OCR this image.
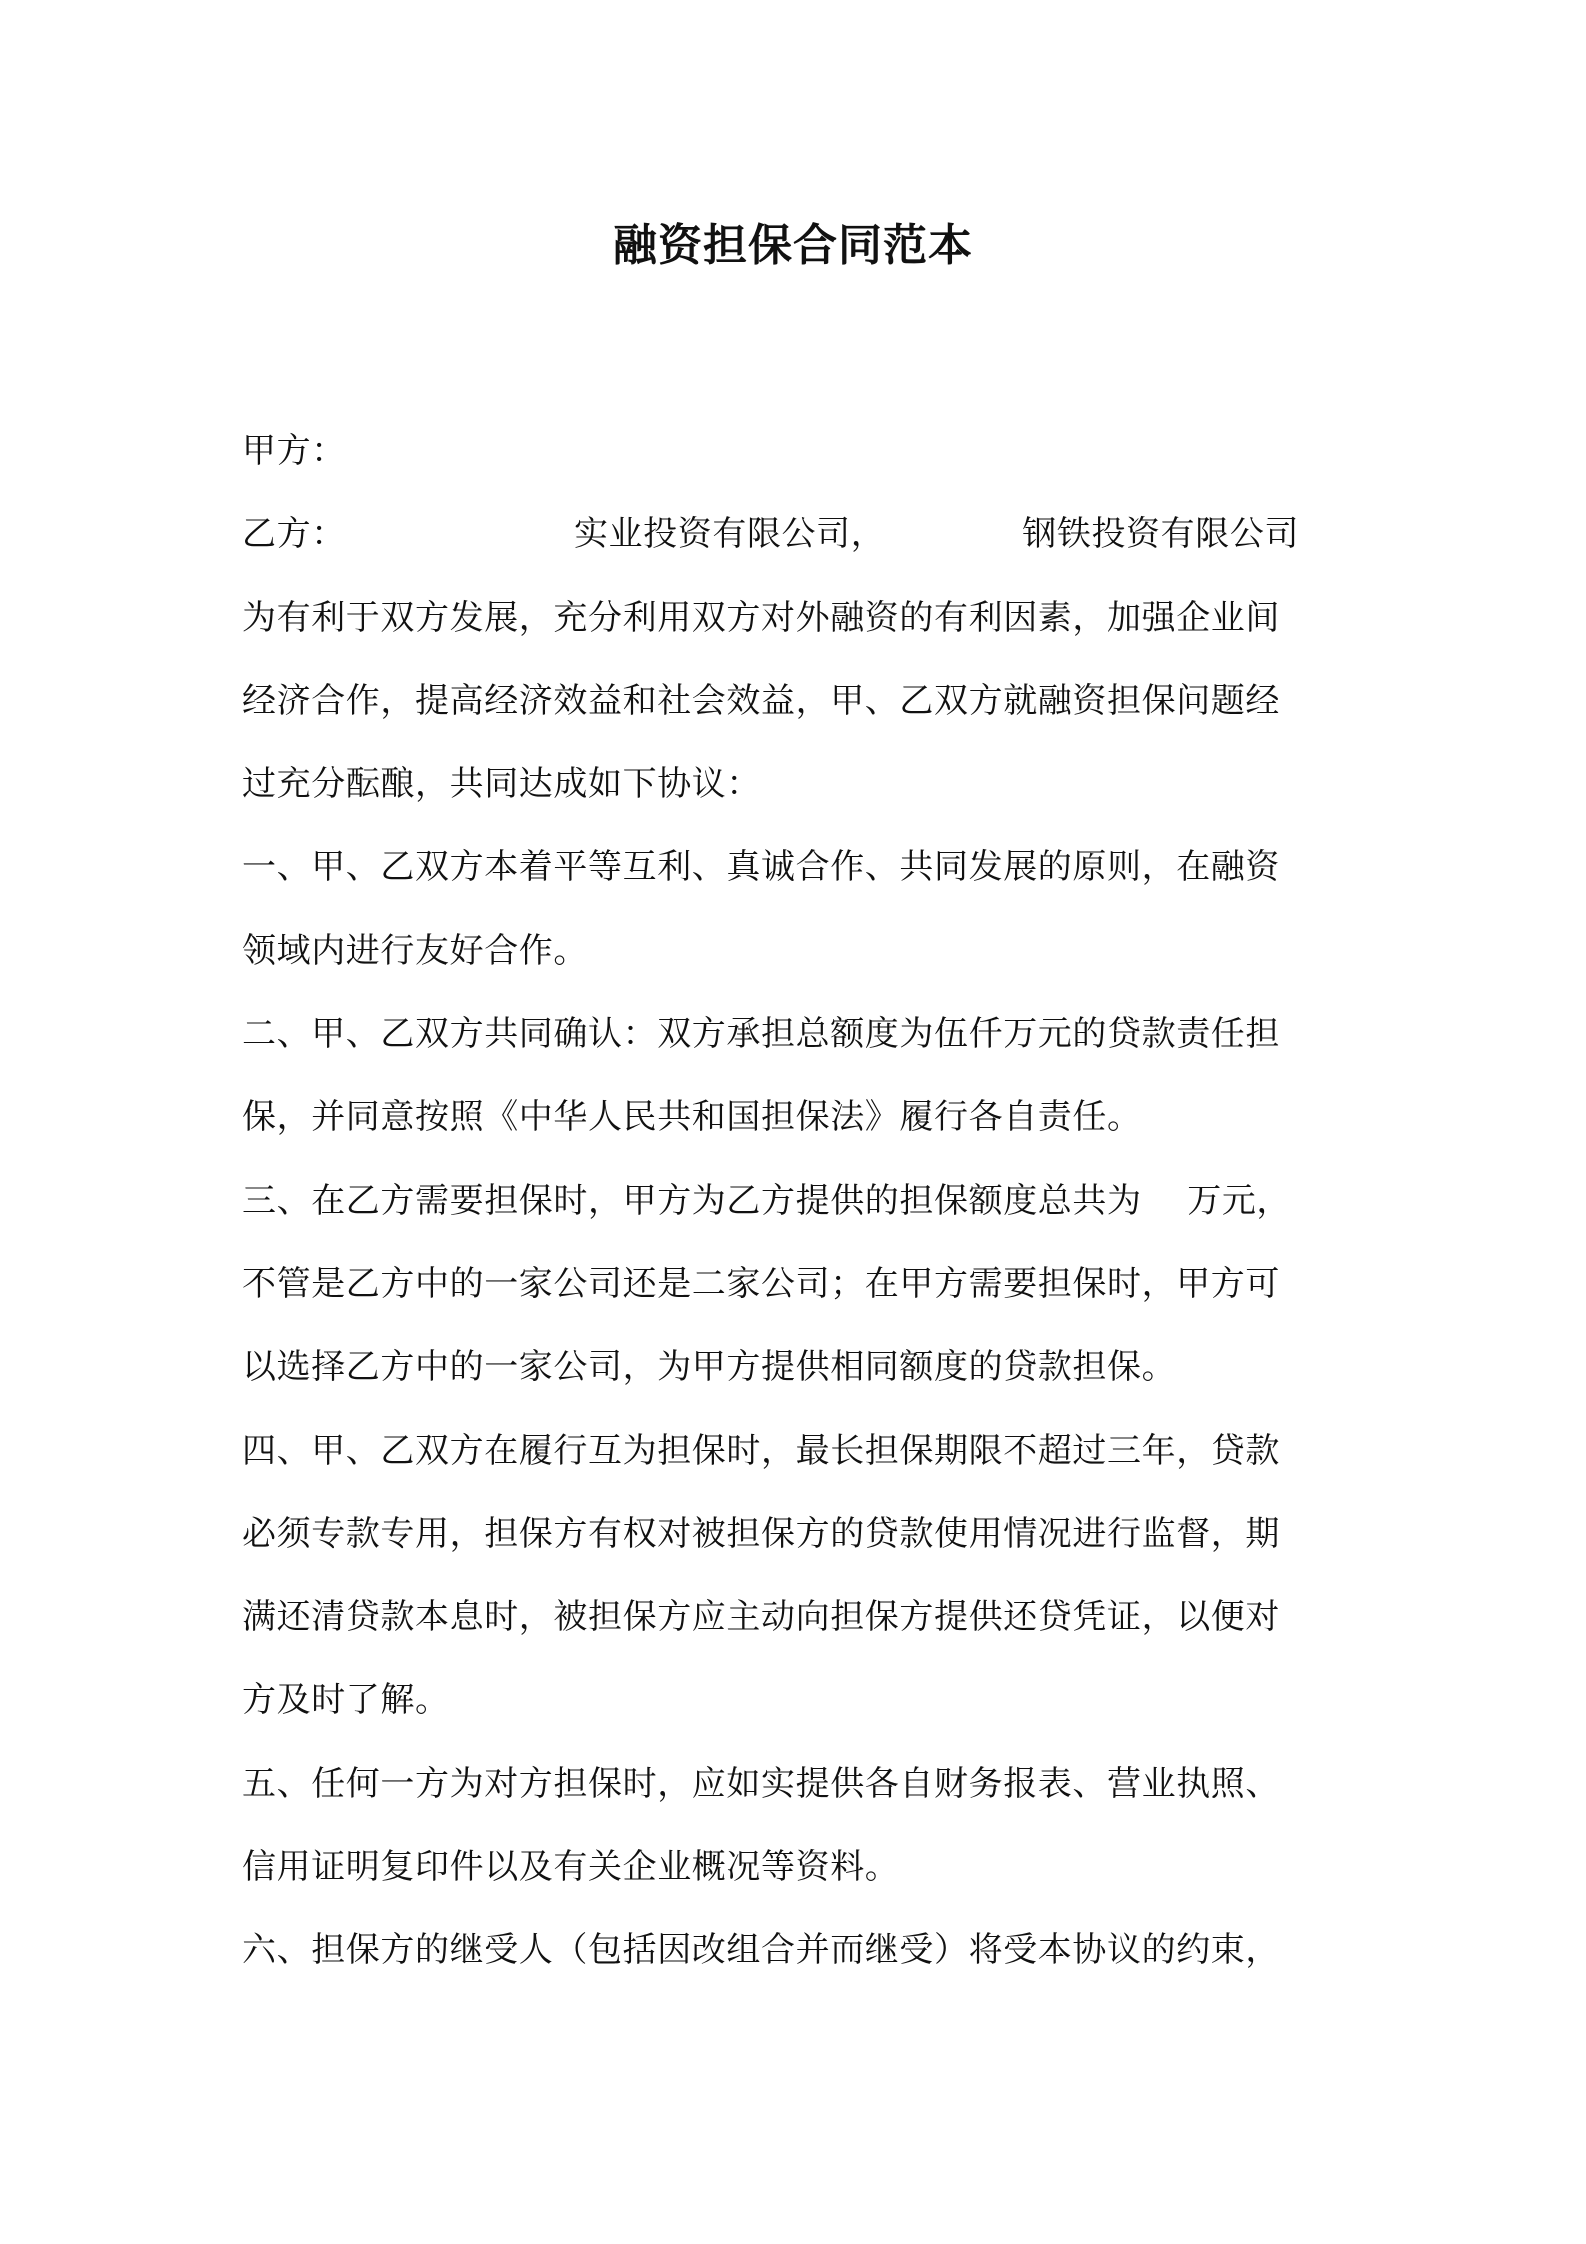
融资担保合同范本

甲方：

乙方：                    实业投资有限公司，            钢铁投资有限公司

为有利于双方发展，充分利用双方对外融资的有利因素，加强企业间

经济合作，提高经济效益和社会效益，甲、乙双方就融资担保问题经

过充分酝酿，共同达成如下协议：

一、甲、乙双方本着平等互利、真诚合作、共同发展的原则，在融资

领域内进行友好合作。

二、甲、乙双方共同确认：双方承担总额度为伍仟万元的贷款责任担

保，并同意按照《中华人民共和国担保法》履行各自责任。

三、在乙方需要担保时，甲方为乙方提供的担保额度总共为    万元，

不管是乙方中的一家公司还是二家公司；在甲方需要担保时，甲方可

以选择乙方中的一家公司，为甲方提供相同额度的贷款担保。

四、甲、乙双方在履行互为担保时，最长担保期限不超过三年，贷款

必须专款专用，担保方有权对被担保方的贷款使用情况进行监督，期

满还清贷款本息时，被担保方应主动向担保方提供还贷凭证，以便对

方及时了解。

五、任何一方为对方担保时，应如实提供各自财务报表、营业执照、

信用证明复印件以及有关企业概况等资料。

六、担保方的继受人（包括因改组合并而继受）将受本协议的约束，
